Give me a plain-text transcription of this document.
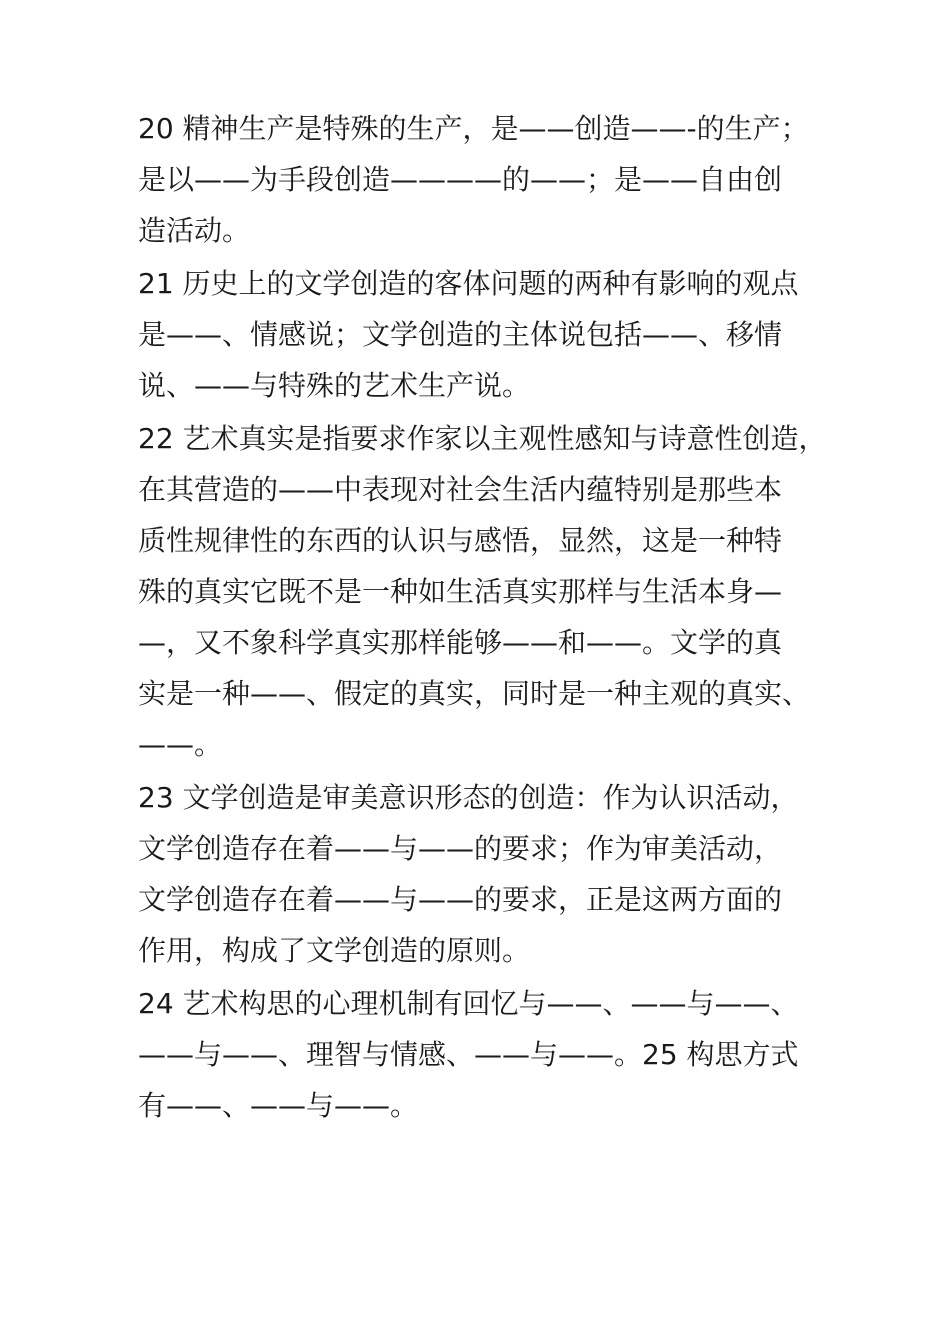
20 精神生产是特殊的生产，是——创造——-的生产；
是以——为手段创造————的——；是——自由创
造活动。
21 历史上的文学创造的客体问题的两种有影响的观点
是——、情感说；文学创造的主体说包括——、移情
说、——与特殊的艺术生产说。
22 艺术真实是指要求作家以主观性感知与诗意性创造，
在其营造的——中表现对社会生活内蕴特别是那些本
质性规律性的东西的认识与感悟，显然，这是一种特
殊的真实它既不是一种如生活真实那样与生活本身—
—，又不象科学真实那样能够——和——。文学的真
实是一种——、假定的真实，同时是一种主观的真实、
——。
23 文学创造是审美意识形态的创造：作为认识活动，
文学创造存在着——与——的要求；作为审美活动，
文学创造存在着——与——的要求，正是这两方面的
作用，构成了文学创造的原则。
24 艺术构思的心理机制有回忆与——、——与——、
——与——、理智与情感、——与——。25 构思方式
有——、——与——。
